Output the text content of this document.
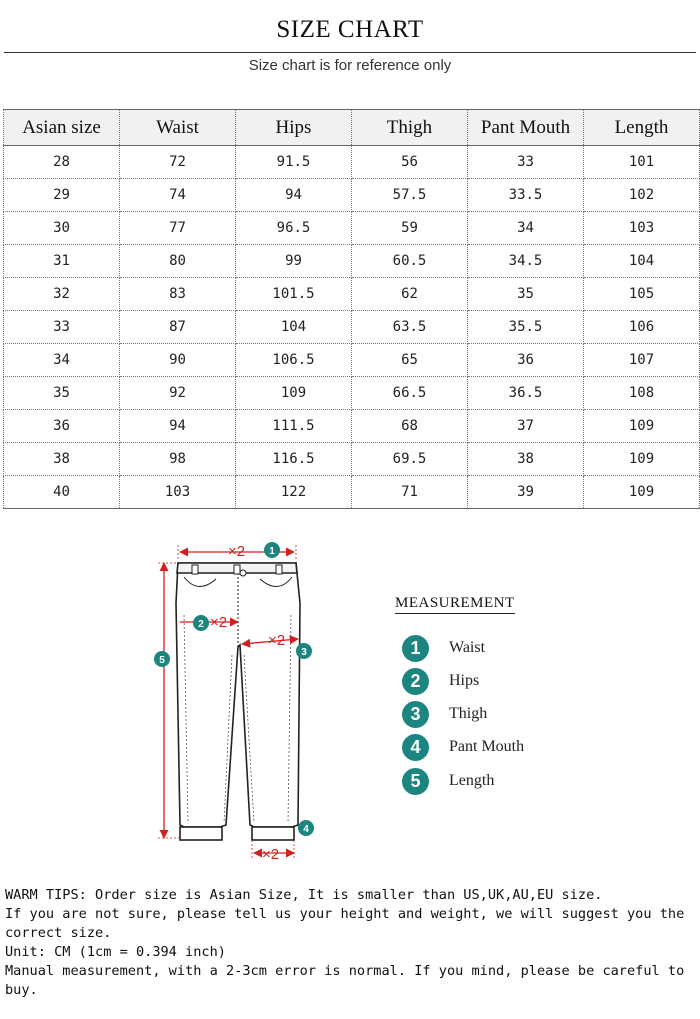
SIZE CHART
Size chart is for reference only
Asian size	Waist	Hips	Thigh	Pant Mouth	Length
28	72	91.5	56	33	101
29	74	94	57.5	33.5	102
30	77	96.5	59	34	103
31	80	99	60.5	34.5	104
32	83	101.5	62	35	105
33	87	104	63.5	35.5	106
34	90	106.5	65	36	107
35	92	109	66.5	36.5	108
36	94	111.5	68	37	109
38	98	116.5	69.5	38	109
40	103	122	71	39	109
×2
×2
×2
×2
1
2
3
4
5
MEASUREMENT
1	Waist
2	Hips
3	Thigh
4	Pant Mouth
5	Length
WARM TIPS: Order size is Asian Size, It is smaller than US,UK,AU,EU size.
If you are not sure, please tell us your height and weight, we will suggest you the correct size.
Unit: CM (1cm = 0.394 inch)
Manual measurement, with a 2-3cm error is normal. If you mind, please be careful to buy.
